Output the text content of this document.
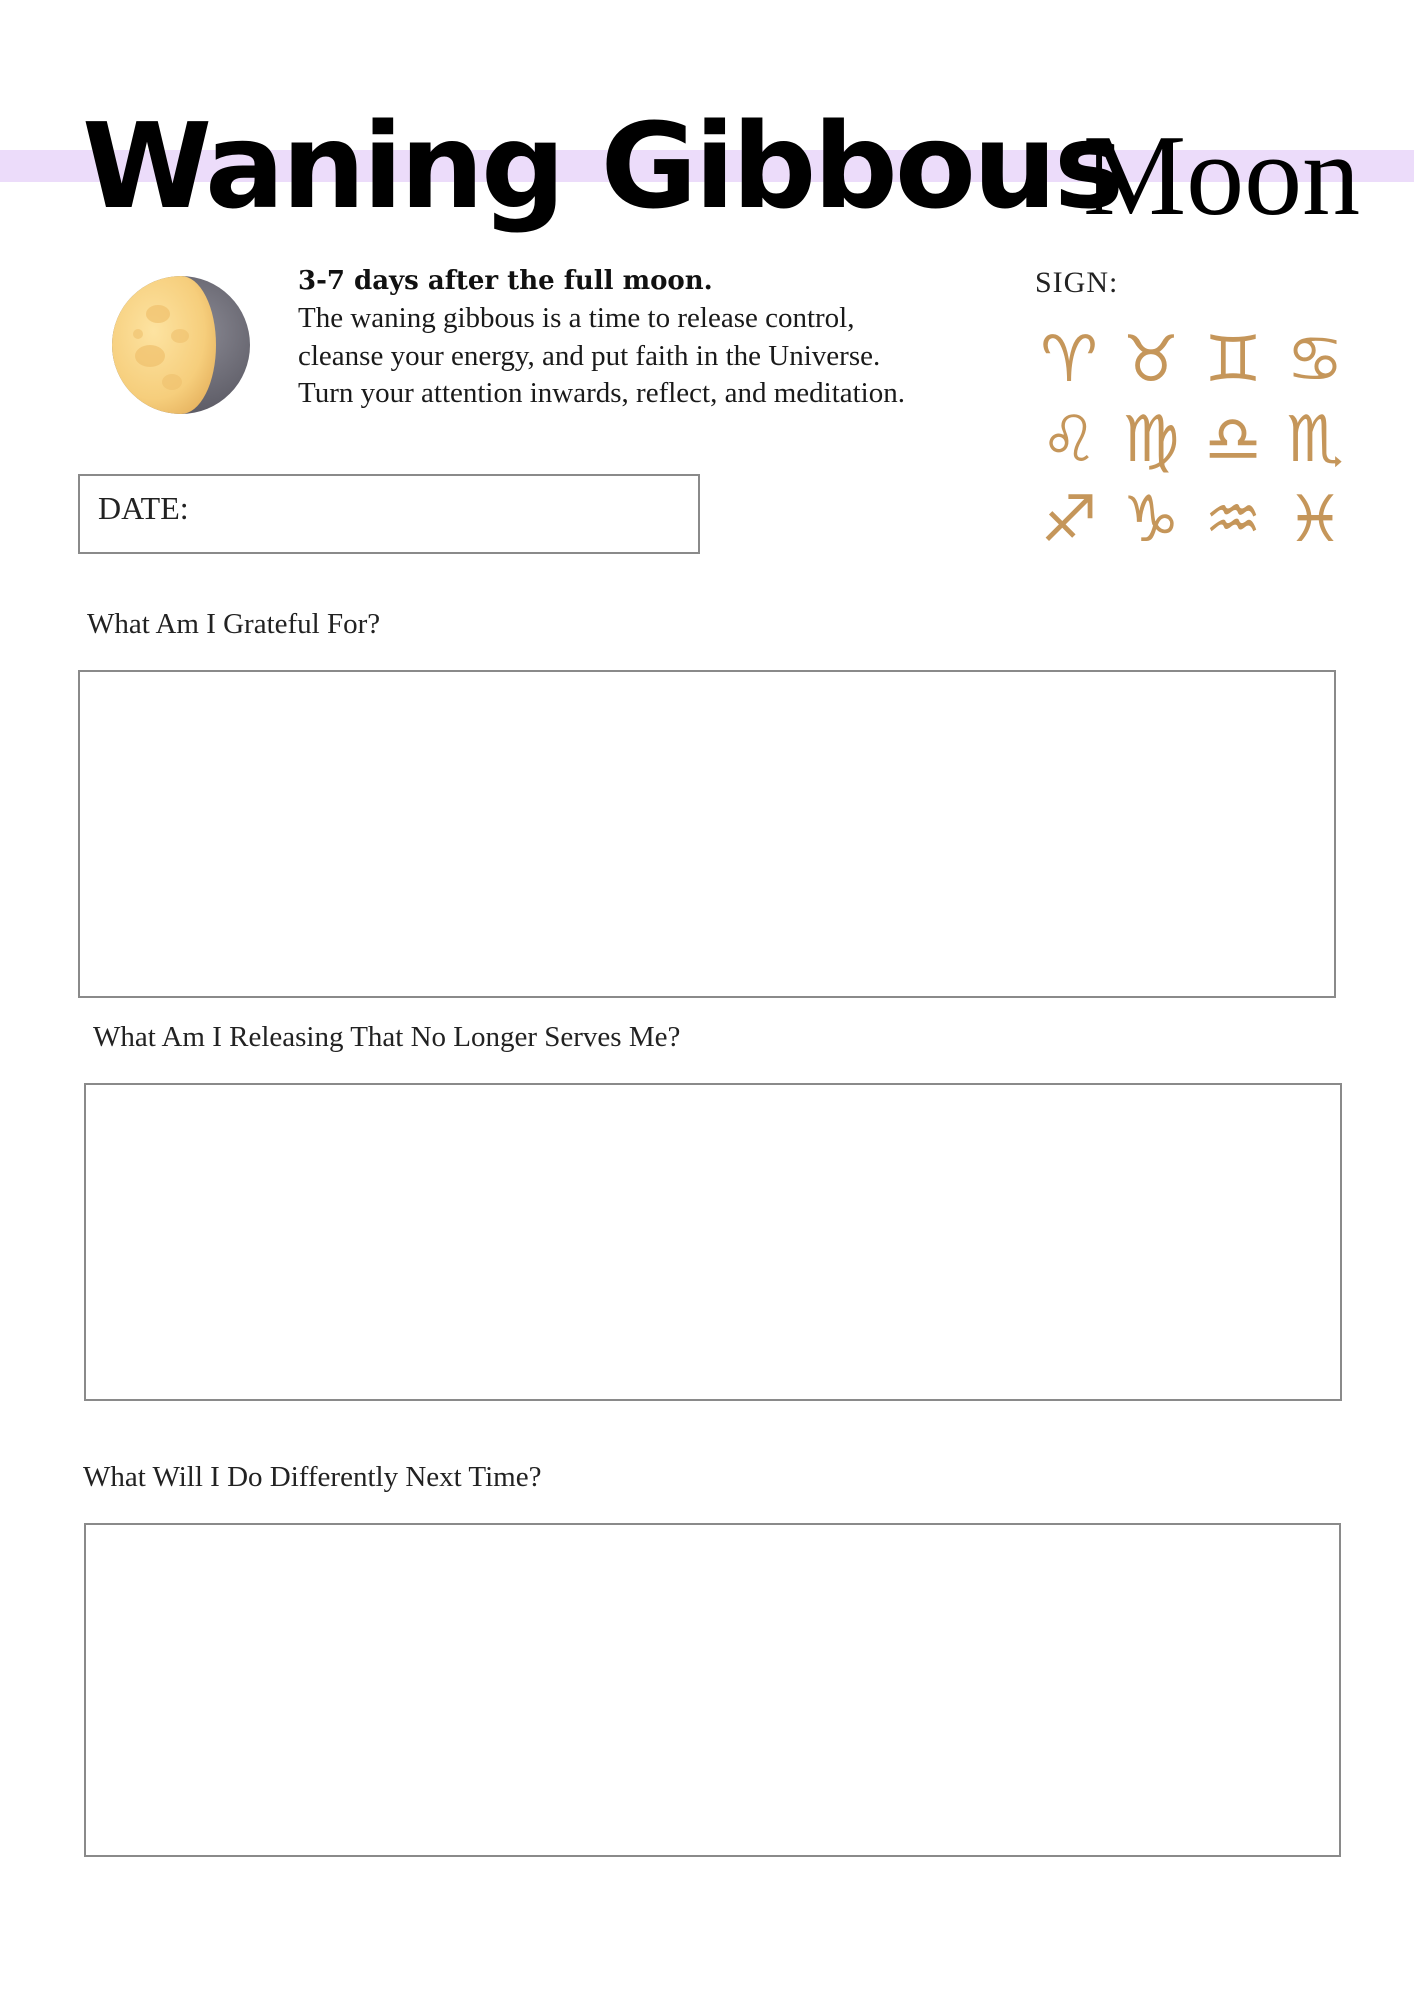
Waning Gibbous
Moon
3-7 days after the full moon.
The waning gibbous is a time to release control, cleanse your energy, and put faith in the Universe. Turn your attention inwards, reflect, and meditation.
SIGN:
♈ ♉ ♊ ♋
♌ ♍ ♎ ♏
♐ ♑ ♒ ♓
DATE:
What Am I Grateful For?
What Am I Releasing That No Longer Serves Me?
What Will I Do Differently Next Time?
